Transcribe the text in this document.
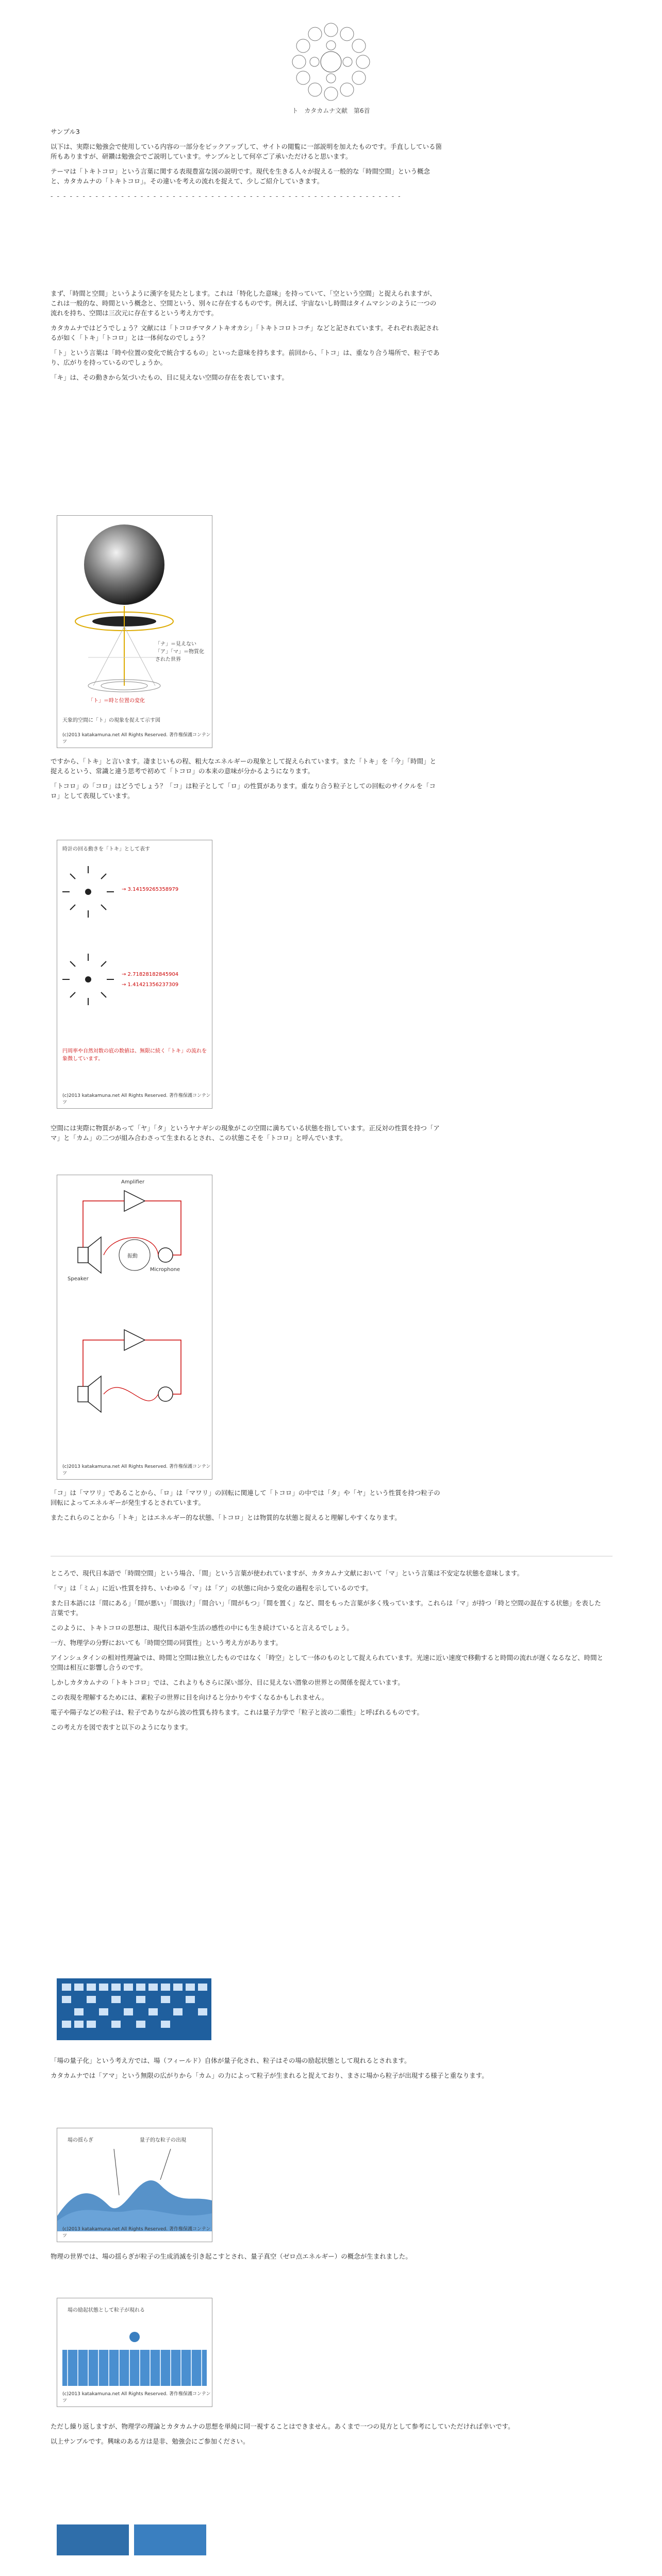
ト　カタカムナ文献　第6首

サンプル3

以下は、実際に勉強会で使用している内容の一部分をピックアップして、サイトの閲覧に一部説明を加えたものです。手直ししている箇所もありますが、研鑽は勉強会でご説明しています。サンプルとして何卒ご了承いただけると思います。

テーマは「トキトコロ」という言葉に関する表現豊富な図の説明です。現代を生きる人々が捉える一般的な「時間空間」という概念と、カタカムナの「トキトコロ」。その違いを考えの流れを捉えて、少しご紹介していきます。

- - - - - - - - - - - - - - - - - - - - - - - - - - - - - - - - - - - - - - - - - - - - - - - - - - - - - - -

まず、「時間と空間」というように漢字を見たとします。これは「特化した意味」を持っていて、「空という空間」と捉えられますが、これは一般的な、時間という概念と、空間という、別々に存在するものです。例えば、宇宙ないし時間はタイムマシンのように一つの流れを持ち、空間は三次元に存在するという考え方です。

カタカムナではどうでしょう？文献には「トコロチマタノトキオカシ」「トキトコロトコチ」などと記されています。それぞれ表記されるが如く「トキ」「トコロ」とは一体何なのでしょう？

「ト」という言葉は「時や位置の変化で統合するもの」といった意味を持ちます。前回から、「トコ」は、重なり合う場所で、粒子であり、広がりを持っているのでしょうか。

「キ」は、その動きから気づいたもの、目に見えない空間の存在を表しています。

「ナ」＝見えない「ア」「マ」＝物質化された世界
「ト」＝時と位置の変化
天象的空間に「ト」の現象を捉えて示す図
(c)2013 katakamuna.net All Rights Reserved. 著作権保護コンテンツ

ですから、「トキ」と言います。凄まじいもの程、粗大なエネルギーの現象として捉えられています。また「トキ」を「今」「時間」と捉えるという、常識と違う思考で初めて「トコロ」の本来の意味が分かるようになります。

「トコロ」の「コロ」はどうでしょう？「コ」は粒子として「ロ」の性質があります。重なり合う粒子としての回転のサイクルを「コロ」として表現しています。

時計の回る動きを「トキ」として表す
→ 3.14159265358979
→ 2.71828182845904
→ 1.41421356237309
円周率や自然対数の底の数値は、無限に続く「トキ」の流れを象徴しています。
(c)2013 katakamuna.net All Rights Reserved. 著作権保護コンテンツ

空間には実際に物質があって「ヤ」「タ」というヤナギシの現象がこの空間に満ちている状態を指しています。正反対の性質を持つ「アマ」と「カム」の二つが組み合わさって生まれるとされ、この状態こそを「トコロ」と呼んでいます。

Amplifier
振動
Microphone
Speaker
(c)2013 katakamuna.net All Rights Reserved. 著作権保護コンテンツ

「コ」は「マワリ」であることから、「ロ」は「マワリ」の回転に関連して「トコロ」の中では「タ」や「ヤ」という性質を持つ粒子の回転によってエネルギーが発生するとされています。

またこれらのことから「トキ」とはエネルギー的な状態、「トコロ」とは物質的な状態と捉えると理解しやすくなります。

ところで、現代日本語で「時間空間」という場合、「間」という言葉が使われていますが、カタカムナ文献において「マ」という言葉は不安定な状態を意味します。

「マ」は「ミム」に近い性質を持ち、いわゆる「マ」は「ア」の状態に向かう変化の過程を示しているのです。

また日本語には「間にある」「間が悪い」「間抜け」「間合い」「間がもつ」「間を置く」など、間をもった言葉が多く残っています。これらは「マ」が持つ「時と空間の混在する状態」を表した言葉です。

このように、トキトコロの思想は、現代日本語や生活の感性の中にも生き続けていると言えるでしょう。

一方、物理学の分野においても「時間空間の同質性」という考え方があります。

アインシュタインの相対性理論では、時間と空間は独立したものではなく「時空」として一体のものとして捉えられています。光速に近い速度で移動すると時間の流れが遅くなるなど、時間と空間は相互に影響し合うのです。

しかしカタカムナの「トキトコロ」では、これよりもさらに深い部分、目に見えない潜象の世界との関係を捉えています。

この表現を理解するためには、素粒子の世界に目を向けると分かりやすくなるかもしれません。

電子や陽子などの粒子は、粒子でありながら波の性質も持ちます。これは量子力学で「粒子と波の二重性」と呼ばれるものです。

この考え方を図で表すと以下のようになります。

「場の量子化」という考え方では、場（フィールド）自体が量子化され、粒子はその場の励起状態として現れるとされます。

カタカムナでは「アマ」という無限の広がりから「カム」の力によって粒子が生まれると捉えており、まさに場から粒子が出現する様子と重なります。

場の揺らぎ	量子的な粒子の出現
(c)2013 katakamuna.net All Rights Reserved. 著作権保護コンテンツ

物理の世界では、場の揺らぎが粒子の生成消滅を引き起こすとされ、量子真空（ゼロ点エネルギー）の概念が生まれました。

場の励起状態として粒子が現れる
(c)2013 katakamuna.net All Rights Reserved. 著作権保護コンテンツ

ただし繰り返しますが、物理学の理論とカタカムナの思想を単純に同一視することはできません。あくまで一つの見方として参考にしていただければ幸いです。

以上サンプルです。興味のある方は是非、勉強会にご参加ください。
